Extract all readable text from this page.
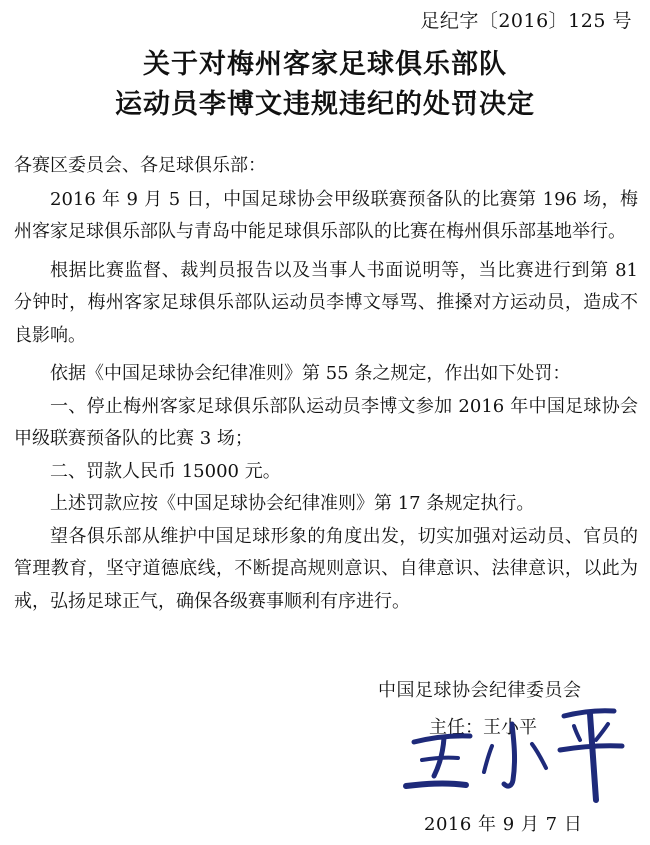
足纪字〔2016〕125 号
关于对梅州客家足球俱乐部队
运动员李博文违规违纪的处罚决定

各赛区委员会、各足球俱乐部：

2016 年 9 月 5 日，中国足球协会甲级联赛预备队的比赛第 196 场，梅州客家足球俱乐部队与青岛中能足球俱乐部队的比赛在梅州俱乐部基地举行。

根据比赛监督、裁判员报告以及当事人书面说明等，当比赛进行到第 81 分钟时，梅州客家足球俱乐部队运动员李博文辱骂、推搡对方运动员，造成不良影响。

依据《中国足球协会纪律准则》第 55 条之规定，作出如下处罚：

一、停止梅州客家足球俱乐部队运动员李博文参加 2016 年中国足球协会甲级联赛预备队的比赛 3 场；

二、罚款人民币 15000 元。

上述罚款应按《中国足球协会纪律准则》第 17 条规定执行。

望各俱乐部从维护中国足球形象的角度出发，切实加强对运动员、官员的管理教育，坚守道德底线，不断提高规则意识、自律意识、法律意识，以此为戒，弘扬足球正气，确保各级赛事顺利有序进行。

中国足球协会纪律委员会
主任：王小平
2016 年 9 月 7 日
